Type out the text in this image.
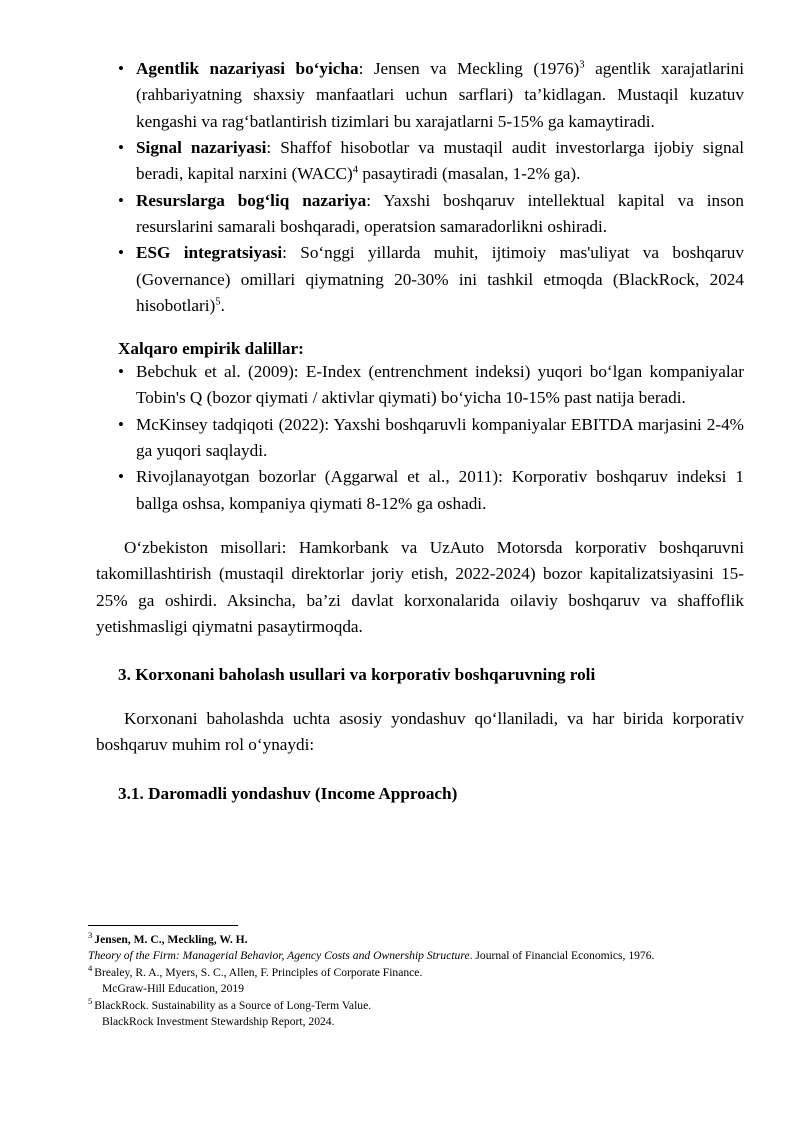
• Agentlik nazariyasi bo‘yicha: Jensen va Meckling $(1976)^3$ agentlik xarajatlarini (rahbariyatning shaxsiy manfaatlari uchun sarflari) ta’kidlagan. Mustaqil kuzatuv kengashi va rag‘batlantirish tizimlari bu xarajatlarni 5-15% ga kamaytiradi.
• Signal nazariyasi: Shaffof hisobotlar va mustaqil audit investorlarga ijobiy signal beradi, kapital narxini (WACC)$^4$ pasaytiradi (masalan, 1-2% ga).
• Resurslarga bog‘liq nazariya: Yaxshi boshqaruv intellektual kapital va inson resurslarini samarali boshqaradi, operatsion samaradorlikni oshiradi.
• ESG integratsiyasi: So‘nggi yillarda muhit, ijtimoiy mas'uliyat va boshqaruv (Governance) omillari qiymatning 20-30% ini tashkil etmoqda (BlackRock, 2024 hisobotlari)$^5$.
Xalqaro empirik dalillar:
• Bebchuk et al. (2009): E-Index (entrenchment indeksi) yuqori bo‘lgan kompaniyalar Tobin's Q (bozor qiymati / aktivlar qiymati) bo‘yicha 10-15% past natija beradi.
• McKinsey tadqiqoti (2022): Yaxshi boshqaruvli kompaniyalar EBITDA marjasini 2-4% ga yuqori saqlaydi.
• Rivojlanayotgan bozorlar (Aggarwal et al., 2011): Korporativ boshqaruv indeksi 1 ballga oshsa, kompaniya qiymati 8-12% ga oshadi.

O‘zbekiston misollari: Hamkorbank va UzAuto Motorsda korporativ boshqaruvni takomillashtirish (mustaqil direktorlar joriy etish, 2022-2024) bozor kapitalizatsiyasini 15-25% ga oshirdi. Aksincha, ba’zi davlat korxonalarida oilaviy boshqaruv va shaffoflik yetishmasligi qiymatni pasaytirmoqda.

3. Korxonani baholash usullari va korporativ boshqaruvning roli

Korxonani baholashda uchta asosiy yondashuv qo‘llaniladi, va har birida korporativ boshqaruv muhim rol o‘ynaydi:

3.1. Daromadli yondashuv (Income Approach)

$^3$ Jensen, M. C., Meckling, W. H.

Theory of the Firm: Managerial Behavior, Agency Costs and Ownership Structure. Journal of Financial Economics, 1976.

$^4$ Brealey, R. A., Myers, S. C., Allen, F. Principles of Corporate Finance.

McGraw-Hill Education, 2019

$^5$ BlackRock. Sustainability as a Source of Long-Term Value.

BlackRock Investment Stewardship Report, 2024.
